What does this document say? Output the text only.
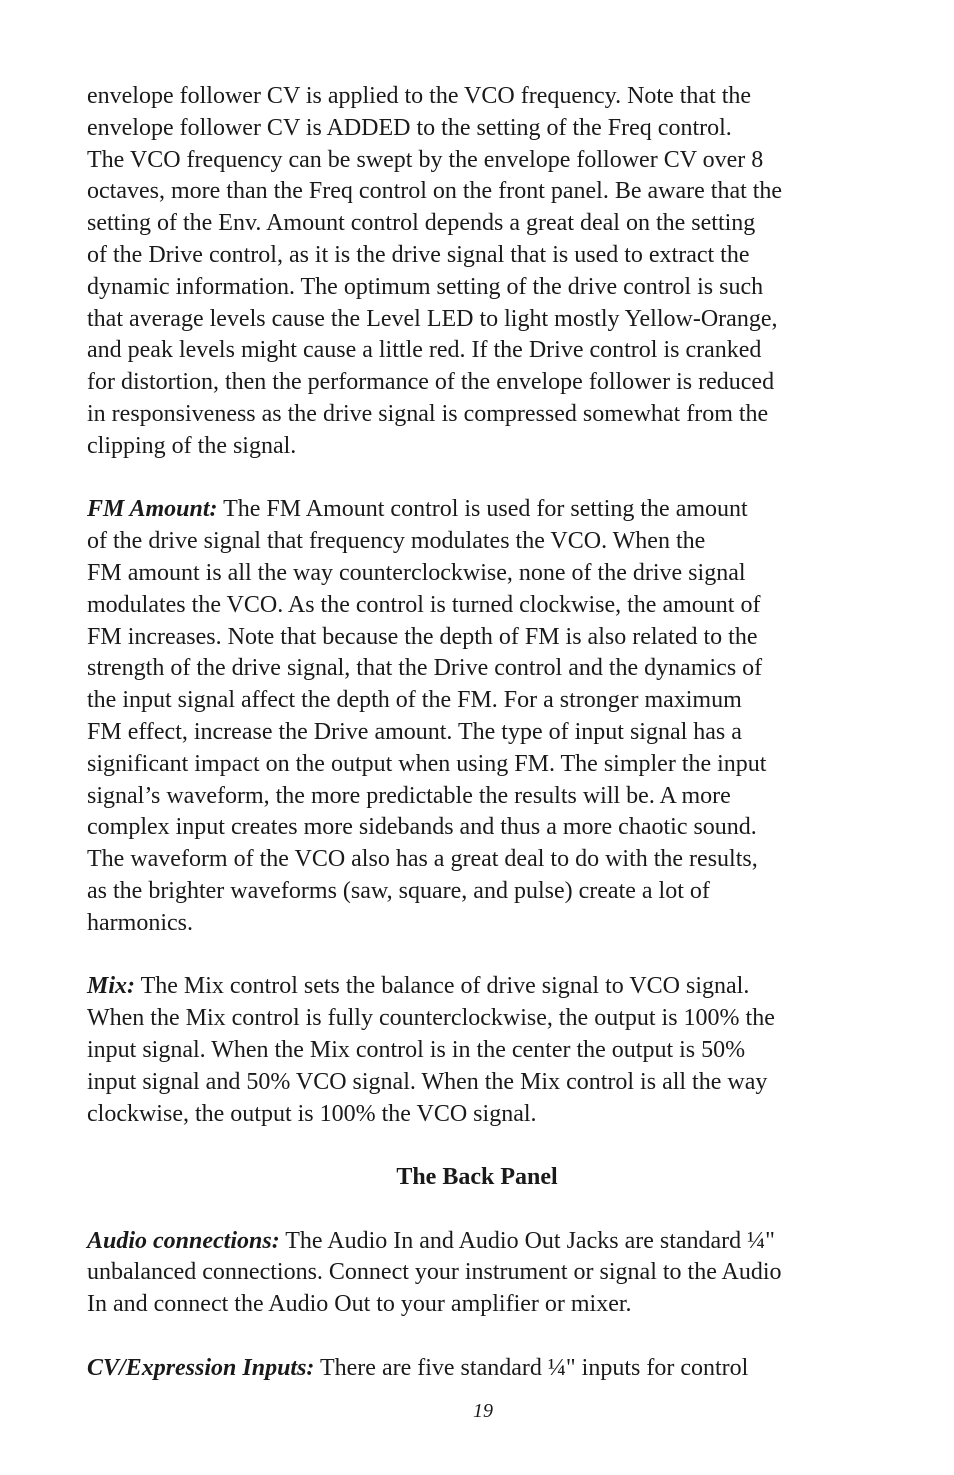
envelope follower CV is applied to the VCO frequency. Note that the
envelope follower CV is ADDED to the setting of the Freq control.
The VCO frequency can be swept by the envelope follower CV over 8
octaves, more than the Freq control on the front panel. Be aware that the
setting of the Env. Amount control depends a great deal on the setting
of the Drive control, as it is the drive signal that is used to extract the
dynamic information. The optimum setting of the drive control is such
that average levels cause the Level LED to light mostly Yellow-Orange,
and peak levels might cause a little red. If the Drive control is cranked
for distortion, then the performance of the envelope follower is reduced
in responsiveness as the drive signal is compressed somewhat from the
clipping of the signal.
FM Amount: The FM Amount control is used for setting the amount
of the drive signal that frequency modulates the VCO. When the
FM amount is all the way counterclockwise, none of the drive signal
modulates the VCO. As the control is turned clockwise, the amount of
FM increases. Note that because the depth of FM is also related to the
strength of the drive signal, that the Drive control and the dynamics of
the input signal affect the depth of the FM. For a stronger maximum
FM effect, increase the Drive amount. The type of input signal has a
significant impact on the output when using FM. The simpler the input
signal’s waveform, the more predictable the results will be. A more
complex input creates more sidebands and thus a more chaotic sound.
The waveform of the VCO also has a great deal to do with the results,
as the brighter waveforms (saw, square, and pulse) create a lot of
harmonics.
Mix: The Mix control sets the balance of drive signal to VCO signal.
When the Mix control is fully counterclockwise, the output is 100% the
input signal. When the Mix control is in the center the output is 50%
input signal and 50% VCO signal. When the Mix control is all the way
clockwise, the output is 100% the VCO signal.
The Back Panel
Audio connections: The Audio In and Audio Out Jacks are standard ¼"
unbalanced connections. Connect your instrument or signal to the Audio
In and connect the Audio Out to your amplifier or mixer.
CV/Expression Inputs: There are five standard ¼" inputs for control
19
